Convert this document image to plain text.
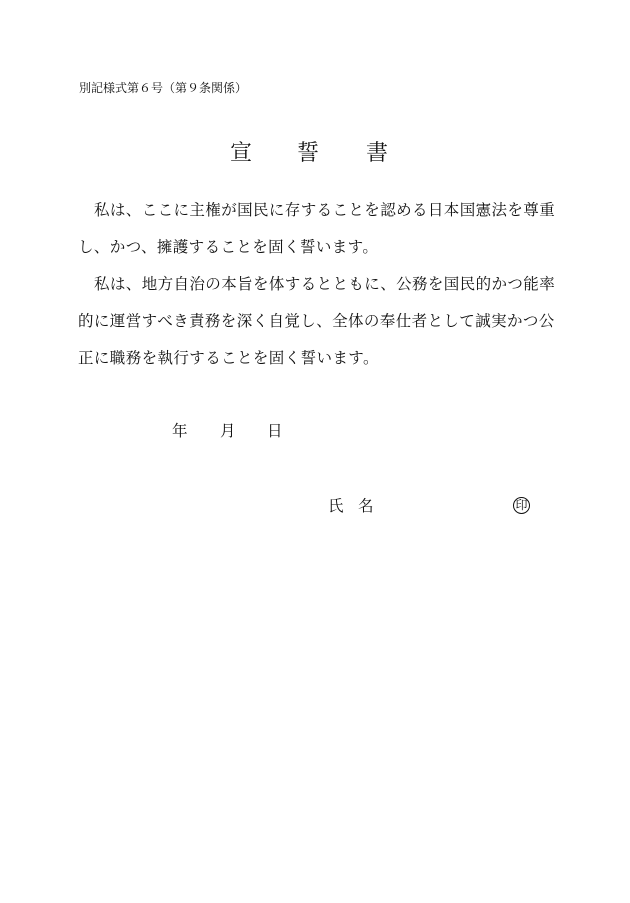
別記様式第６号（第９条関係）
宣 誓 書

私は、ここに主権が国民に存することを認める日本国憲法を尊重し、かつ、擁護することを固く誓います。

私は、地方自治の本旨を体するとともに、公務を国民的かつ能率的に運営すべき責務を深く自覚し、全体の奉仕者として誠実かつ公正に職務を執行することを固く誓います。

年 月 日
氏 名	印
